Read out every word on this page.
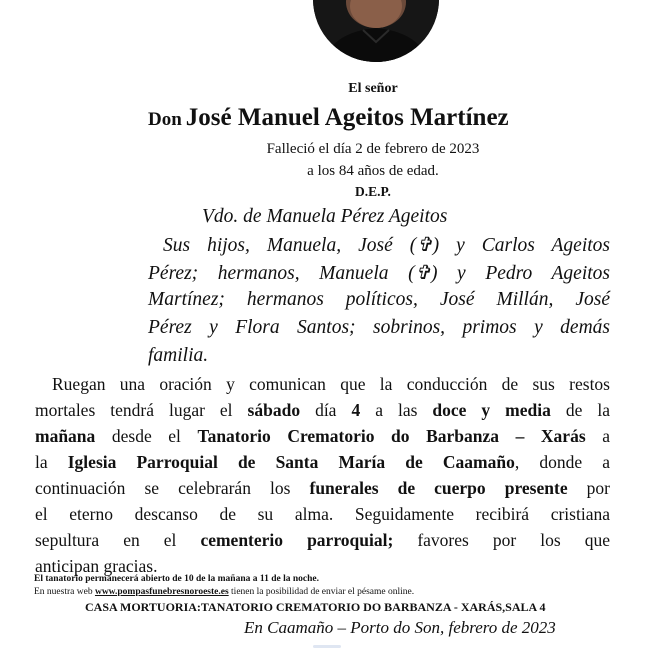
El señor
Don José Manuel Ageitos Martínez
Falleció el día 2 de febrero de 2023
a los 84 años de edad.
D.E.P.
Vdo. de Manuela Pérez Ageitos
Sus hijos, Manuela, José (✞) y Carlos Ageitos
Pérez; hermanos, Manuela (✞) y Pedro Ageitos
Martínez; hermanos políticos, José Millán, José
Pérez y Flora Santos; sobrinos, primos y demás
familia.
Ruegan una oración y comunican que la conducción de sus restos
mortales tendrá lugar el sábado día 4 a las doce y media de la
mañana desde el Tanatorio Crematorio do Barbanza – Xarás a
la Iglesia Parroquial de Santa María de Caamaño, donde a
continuación se celebrarán los funerales de cuerpo presente por
el eterno descanso de su alma. Seguidamente recibirá cristiana
sepultura en el cementerio parroquial; favores por los que
anticipan gracias.
El tanatorio permanecerá abierto de 10 de la mañana a 11 de la noche.
En nuestra web www.pompasfunebresnoroeste.es tienen la posibilidad de enviar el pésame online.
CASA MORTUORIA:TANATORIO CREMATORIO DO BARBANZA - XARÁS,SALA 4
En Caamaño – Porto do Son, febrero de 2023
